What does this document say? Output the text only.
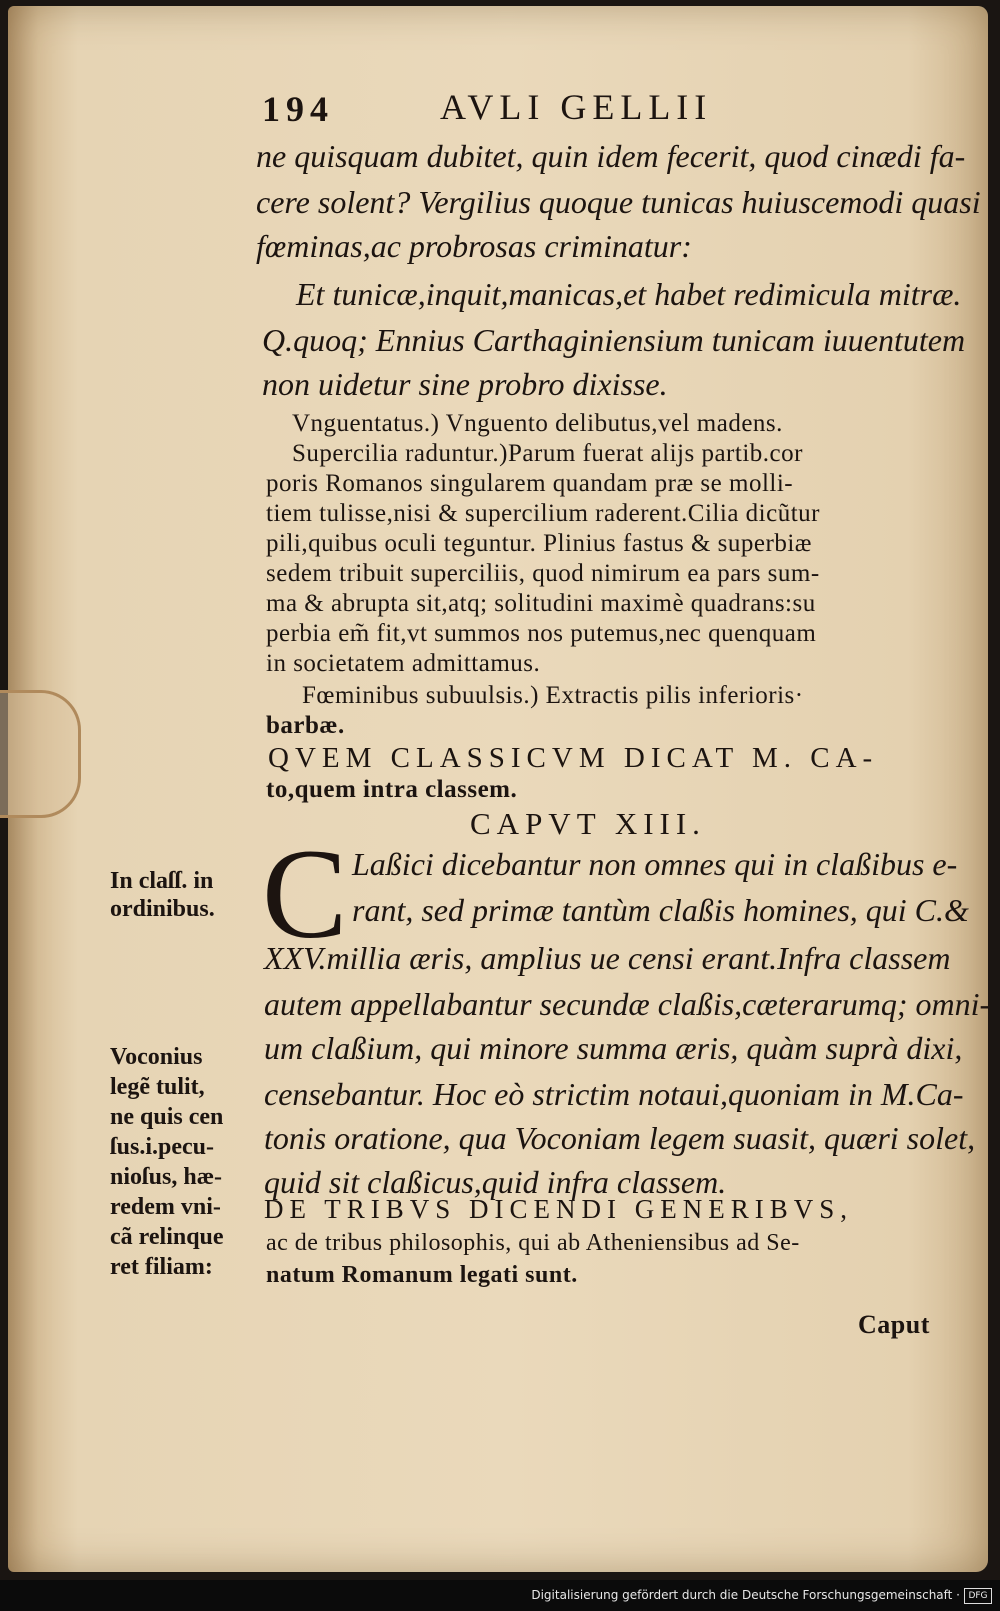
194	AVLI GELLII
ne quisquam dubitet, quin idem fecerit, quod cinædi fa-
cere solent? Vergilius quoque tunicas huiuscemodi quasi
fœminas,ac probrosas criminatur:
Et tunicæ,inquit,manicas,et habet redimicula mitræ.
Q.quoq; Ennius Carthaginiensium tunicam iuuentutem
non uidetur sine probro dixisse.
Vnguentatus.) Vnguento delibutus,vel madens.
Supercilia raduntur.)Parum fuerat alijs partib.cor
poris Romanos singularem quandam præ se molli-
tiem tulisse,nisi & supercilium raderent.Cilia dicũtur
pili,quibus oculi teguntur. Plinius fastus & superbiæ
sedem tribuit superciliis, quod nimirum ea pars sum-
ma & abrupta sit,atq; solitudini maximè quadrans:su
perbia em̃ fit,vt summos nos putemus,nec quenquam
in societatem admittamus.
Fœminibus subuulsis.) Extractis pilis inferioris·
barbæ.
QVEM CLASSICVM DICAT M. CA-
to,quem intra classem.
CAPVT XIII.
C Laßici dicebantur non omnes qui in claßibus e-
rant, sed primæ tantùm claßis homines, qui C.&
XXV.millia æris, amplius ue censi erant.Infra classem
autem appellabantur secundæ claßis,cæterarumq; omni-
um claßium, qui minore summa æris, quàm suprà dixi,
censebantur. Hoc eò strictim notaui,quoniam in M.Ca-
tonis oratione, qua Voconiam legem suasit, quæri solet,
quid sit claßicus,quid infra classem.
In claſſ. in
ordinibus.
Voconius
legẽ tulit,
ne quis cen
ſus.i.pecu-
nioſus, hæ-
redem vni-
cã relinque
ret filiam:
DE TRIBVS DICENDI GENERIBVS,
ac de tribus philosophis, qui ab Atheniensibus ad Se-
natum Romanum legati sunt.
Caput
Digitalisierung gefördert durch die Deutsche Forschungsgemeinschaft · DFG
